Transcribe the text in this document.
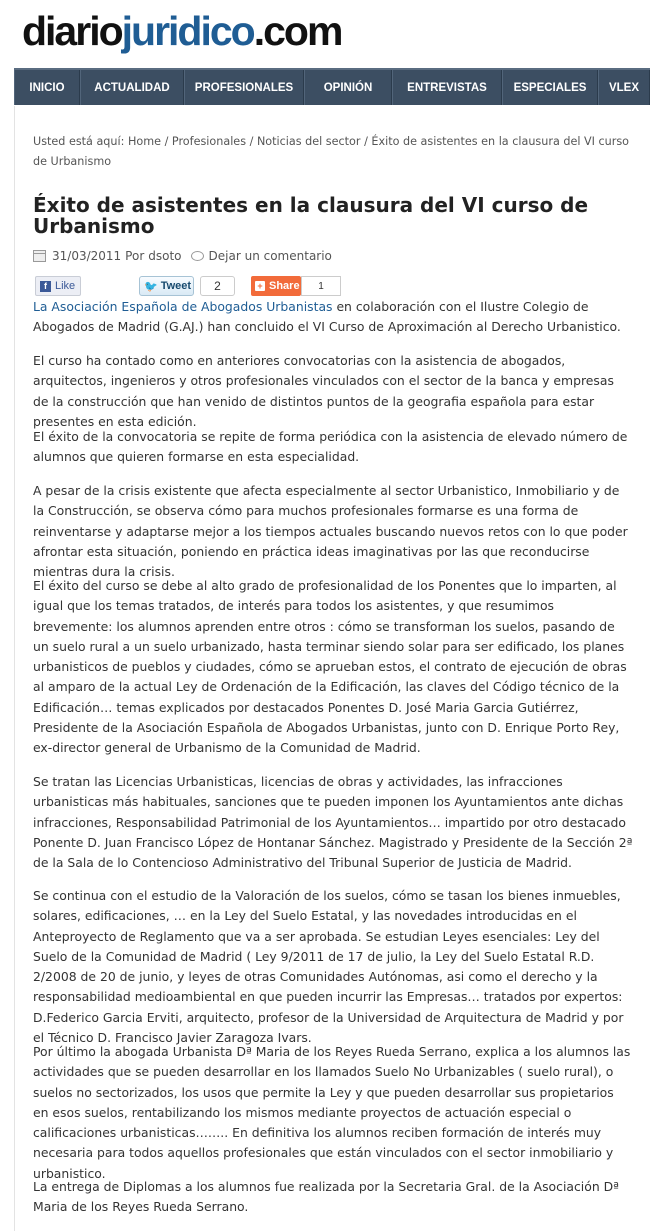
diariojuridico.com
INICIO	ACTUALIDAD	PROFESIONALES	OPINIÓN	ENTREVISTAS	ESPECIALES	VLEX
Usted está aquí: Home / Profesionales / Noticias del sector / Éxito de asistentes en la clausura del VI curso de Urbanismo
Éxito de asistentes en la clausura del VI curso de Urbanismo
31/03/2011 Por dsoto Dejar un comentario
f Like	🐦 Tweet	2	+ Share	1

La Asociación Española de Abogados Urbanistas en colaboración con el Ilustre Colegio de Abogados de Madrid (G.AJ.) han concluido el VI Curso de Aproximación al Derecho Urbanistico.

El curso ha contado como en anteriores convocatorias con la asistencia de abogados, arquitectos, ingenieros y otros profesionales vinculados con el sector de la banca y empresas de la construcción que han venido de distintos puntos de la geografia española para estar presentes en esta edición.

El éxito de la convocatoria se repite de forma periódica con la asistencia de elevado número de alumnos que quieren formarse en esta especialidad.

A pesar de la crisis existente que afecta especialmente al sector Urbanistico, Inmobiliario y de la Construcción, se observa cómo para muchos profesionales formarse es una forma de reinventarse y adaptarse mejor a los tiempos actuales buscando nuevos retos con lo que poder afrontar esta situación, poniendo en práctica ideas imaginativas por las que reconducirse mientras dura la crisis.

El éxito del curso se debe al alto grado de profesionalidad de los Ponentes que lo imparten, al igual que los temas tratados, de interés para todos los asistentes, y que resumimos brevemente: los alumnos aprenden entre otros : cómo se transforman los suelos, pasando de un suelo rural a un suelo urbanizado, hasta terminar siendo solar para ser edificado, los planes urbanisticos de pueblos y ciudades, cómo se aprueban estos, el contrato de ejecución de obras al amparo de la actual Ley de Ordenación de la Edificación, las claves del Código técnico de la Edificación… temas explicados por destacados Ponentes D. José Maria Garcia Gutiérrez, Presidente de la Asociación Española de Abogados Urbanistas, junto con D. Enrique Porto Rey, ex-director general de Urbanismo de la Comunidad de Madrid.

Se tratan las Licencias Urbanisticas, licencias de obras y actividades, las infracciones urbanisticas más habituales, sanciones que te pueden imponen los Ayuntamientos ante dichas infracciones, Responsabilidad Patrimonial de los Ayuntamientos… impartido por otro destacado Ponente D. Juan Francisco López de Hontanar Sánchez. Magistrado y Presidente de la Sección 2ª de la Sala de lo Contencioso Administrativo del Tribunal Superior de Justicia de Madrid.

Se continua con el estudio de la Valoración de los suelos, cómo se tasan los bienes inmuebles, solares, edificaciones, … en la Ley del Suelo Estatal, y las novedades introducidas en el Anteproyecto de Reglamento que va a ser aprobada. Se estudian Leyes esenciales: Ley del Suelo de la Comunidad de Madrid ( Ley 9/2011 de 17 de julio, la Ley del Suelo Estatal R.D. 2/2008 de 20 de junio, y leyes de otras Comunidades Autónomas, asi como el derecho y la responsabilidad medioambiental en que pueden incurrir las Empresas… tratados por expertos: D.Federico Garcia Erviti, arquitecto, profesor de la Universidad de Arquitectura de Madrid y por el Técnico D. Francisco Javier Zaragoza Ivars.

Por último la abogada Urbanista Dª Maria de los Reyes Rueda Serrano, explica a los alumnos las actividades que se pueden desarrollar en los llamados Suelo No Urbanizables ( suelo rural), o suelos no sectorizados, los usos que permite la Ley y que pueden desarrollar sus propietarios en esos suelos, rentabilizando los mismos mediante proyectos de actuación especial o calificaciones urbanisticas…….. En definitiva los alumnos reciben formación de interés muy necesaria para todos aquellos profesionales que están vinculados con el sector inmobiliario y urbanistico.

La entrega de Diplomas a los alumnos fue realizada por la Secretaria Gral. de la Asociación Dª Maria de los Reyes Rueda Serrano.
